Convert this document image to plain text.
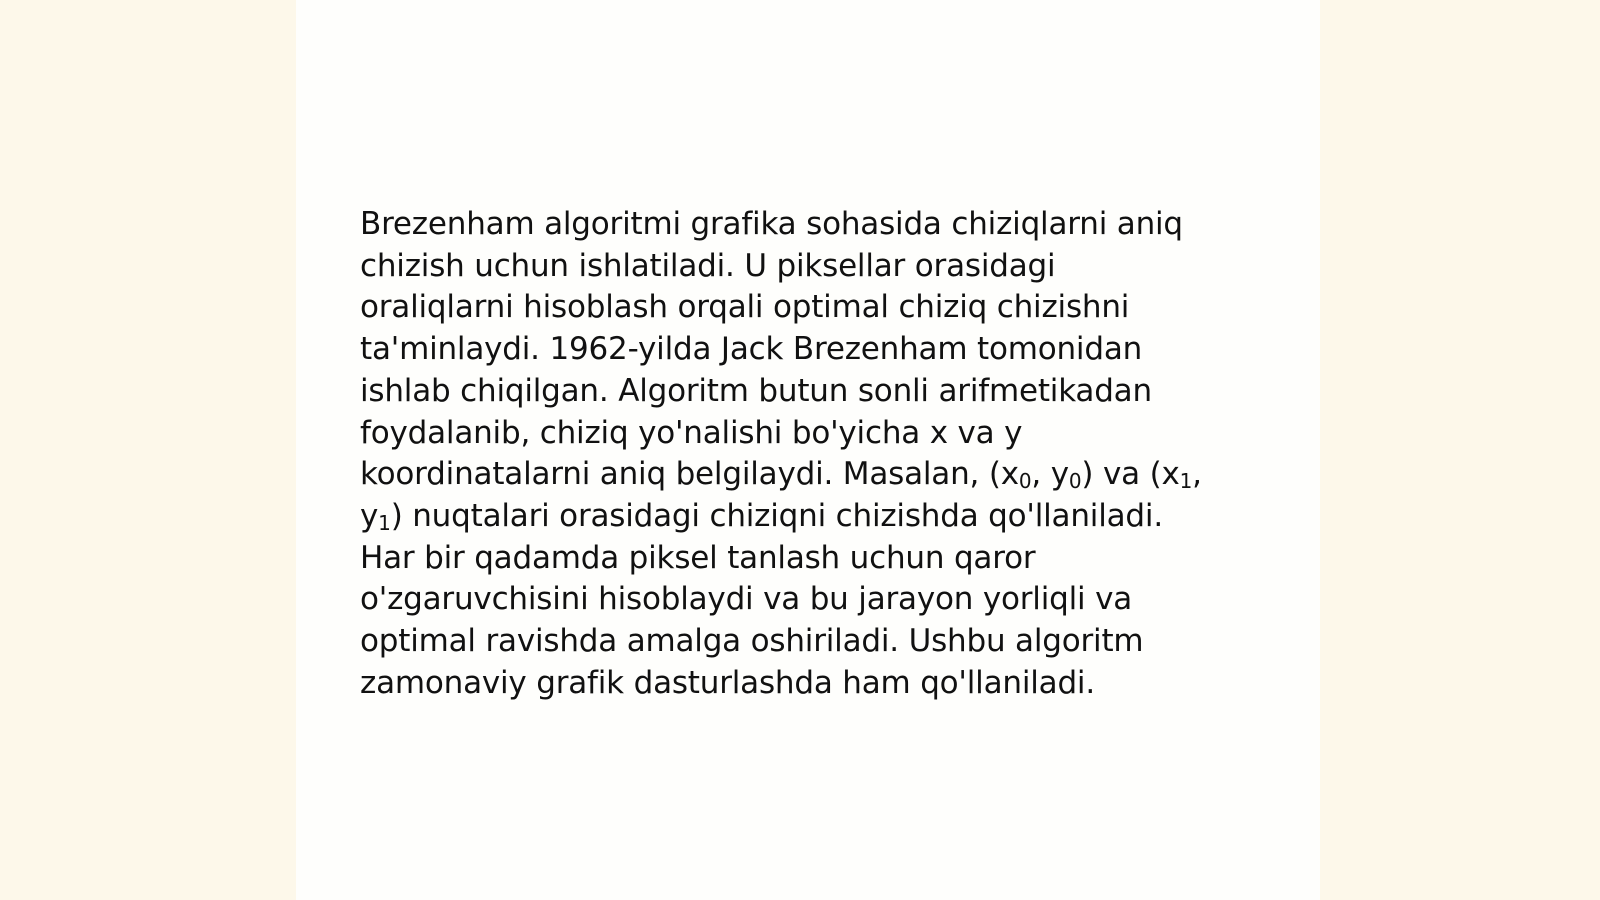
Brezenham algoritmi grafika sohasida chiziqlarni aniq
chizish uchun ishlatiladi. U piksellar orasidagi
oraliqlarni hisoblash orqali optimal chiziq chizishni
ta'minlaydi. 1962-yilda Jack Brezenham tomonidan
ishlab chiqilgan. Algoritm butun sonli arifmetikadan
foydalanib, chiziq yo'nalishi bo'yicha x va y
koordinatalarni aniq belgilaydi. Masalan, ($x_0$, $y_0$) va ($x_1$,
$y_1$) nuqtalari orasidagi chiziqni chizishda qo'llaniladi.
Har bir qadamda piksel tanlash uchun qaror
o'zgaruvchisini hisoblaydi va bu jarayon yorliqli va
optimal ravishda amalga oshiriladi. Ushbu algoritm
zamonaviy grafik dasturlashda ham qo'llaniladi.
